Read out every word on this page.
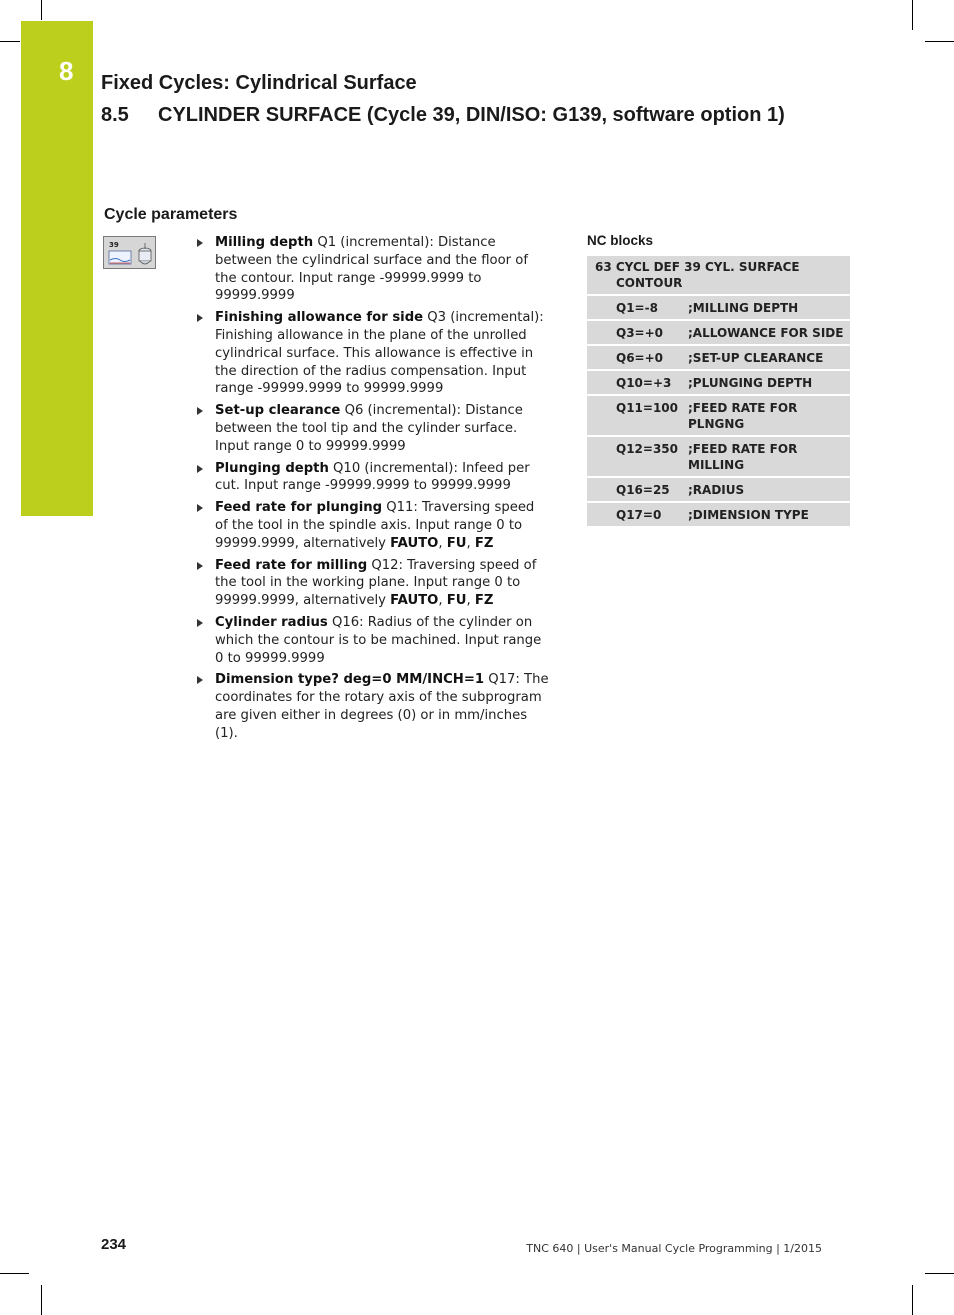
8	Fixed Cycles: Cylindrical Surface
8.5 CYLINDER SURFACE (Cycle 39, DIN/ISO: G139, software option 1)
Cycle parameters
39	Milling depth Q1 (incremental): Distance between the cylindrical surface and the floor of the contour. Input range -99999.9999 to 99999.9999
Finishing allowance for side Q3 (incremental): Finishing allowance in the plane of the unrolled cylindrical surface. This allowance is effective in the direction of the radius compensation. Input range -99999.9999 to 99999.9999
Set-up clearance Q6 (incremental): Distance between the tool tip and the cylinder surface. Input range 0 to 99999.9999
Plunging depth Q10 (incremental): Infeed per cut. Input range -99999.9999 to 99999.9999
Feed rate for plunging Q11: Traversing speed of the tool in the spindle axis. Input range 0 to 99999.9999, alternatively FAUTO, FU, FZ
Feed rate for milling Q12: Traversing speed of the tool in the working plane. Input range 0 to 99999.9999, alternatively FAUTO, FU, FZ
Cylinder radius Q16: Radius of the cylinder on which the contour is to be machined. Input range 0 to 99999.9999
Dimension type? deg=0 MM/INCH=1 Q17: The coordinates for the rotary axis of the subprogram are given either in degrees (0) or in mm/inches (1).
NC blocks
63 CYCL DEF 39 CYL. SURFACE
CONTOUR
Q1=-8	;MILLING DEPTH
Q3=+0	;ALLOWANCE FOR SIDE
Q6=+0	;SET-UP CLEARANCE
Q10=+3	;PLUNGING DEPTH
Q11=100 ;FEED RATE FOR PLNGNG
Q12=350 ;FEED RATE FOR MILLING
Q16=25	;RADIUS
Q17=0	;DIMENSION TYPE
234	TNC 640 | User's Manual Cycle Programming | 1/2015
